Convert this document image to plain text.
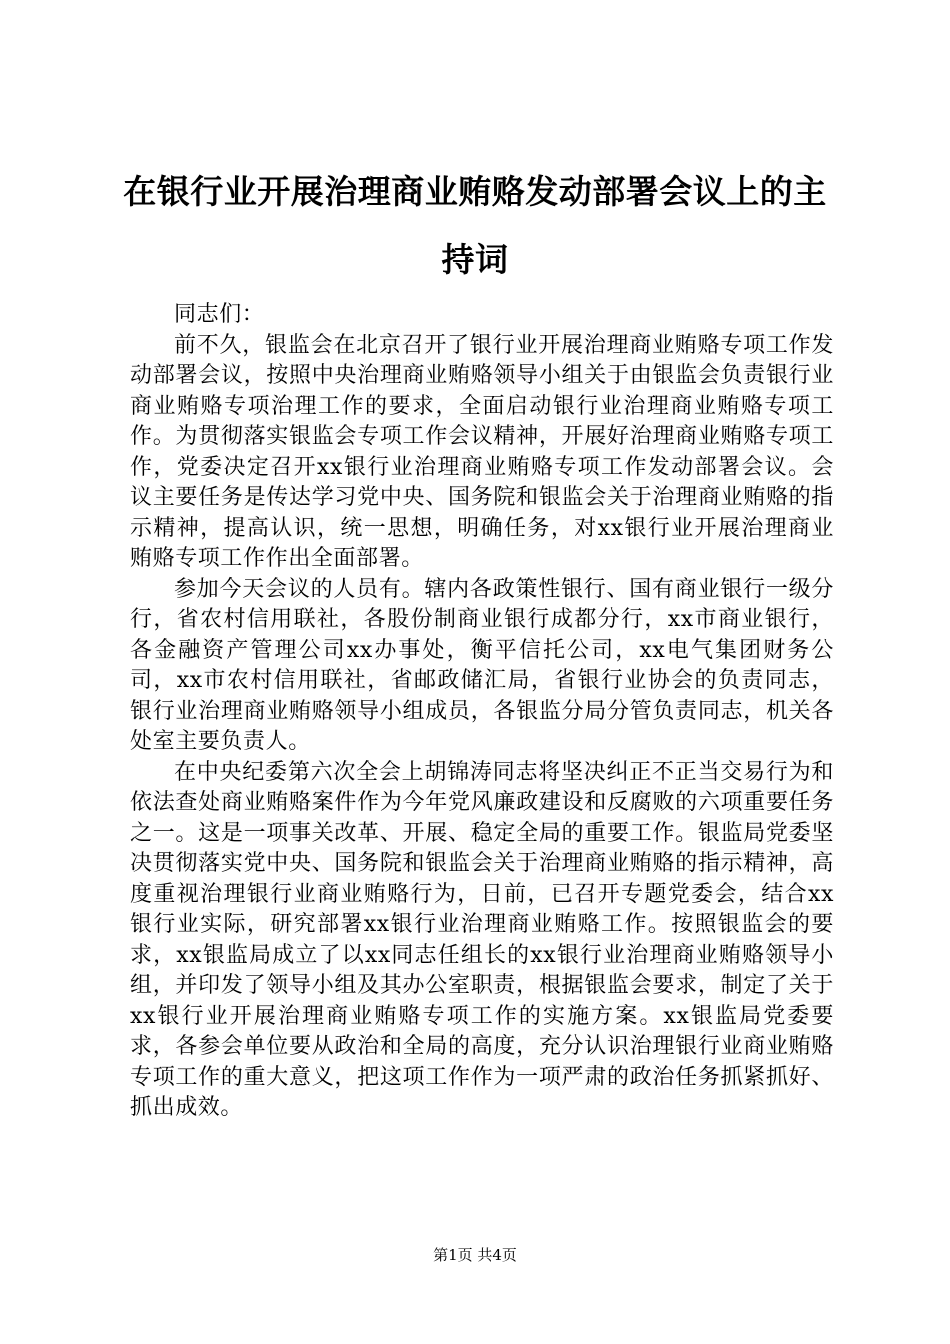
在银行业开展治理商业贿赂发动部署会议上的主持词

同志们：

前不久，银监会在北京召开了银行业开展治理商业贿赂专项工作发动部署会议，按照中央治理商业贿赂领导小组关于由银监会负责银行业商业贿赂专项治理工作的要求，全面启动银行业治理商业贿赂专项工作。为贯彻落实银监会专项工作会议精神，开展好治理商业贿赂专项工作，党委决定召开xx银行业治理商业贿赂专项工作发动部署会议。会议主要任务是传达学习党中央、国务院和银监会关于治理商业贿赂的指示精神，提高认识，统一思想，明确任务，对xx银行业开展治理商业贿赂专项工作作出全面部署。

参加今天会议的人员有。辖内各政策性银行、国有商业银行一级分行，省农村信用联社，各股份制商业银行成都分行，xx市商业银行，各金融资产管理公司xx办事处，衡平信托公司，xx电气集团财务公司，xx市农村信用联社，省邮政储汇局，省银行业协会的负责同志，银行业治理商业贿赂领导小组成员，各银监分局分管负责同志，机关各处室主要负责人。

在中央纪委第六次全会上胡锦涛同志将坚决纠正不正当交易行为和依法查处商业贿赂案件作为今年党风廉政建设和反腐败的六项重要任务之一。这是一项事关改革、开展、稳定全局的重要工作。银监局党委坚决贯彻落实党中央、国务院和银监会关于治理商业贿赂的指示精神，高度重视治理银行业商业贿赂行为，日前，已召开专题党委会，结合xx银行业实际，研究部署xx银行业治理商业贿赂工作。按照银监会的要求，xx银监局成立了以xx同志任组长的xx银行业治理商业贿赂领导小组，并印发了领导小组及其办公室职责，根据银监会要求，制定了关于xx银行业开展治理商业贿赂专项工作的实施方案。xx银监局党委要求，各参会单位要从政治和全局的高度，充分认识治理银行业商业贿赂专项工作的重大意义，把这项工作作为一项严肃的政治任务抓紧抓好、抓出成效。

第1页 共4页
